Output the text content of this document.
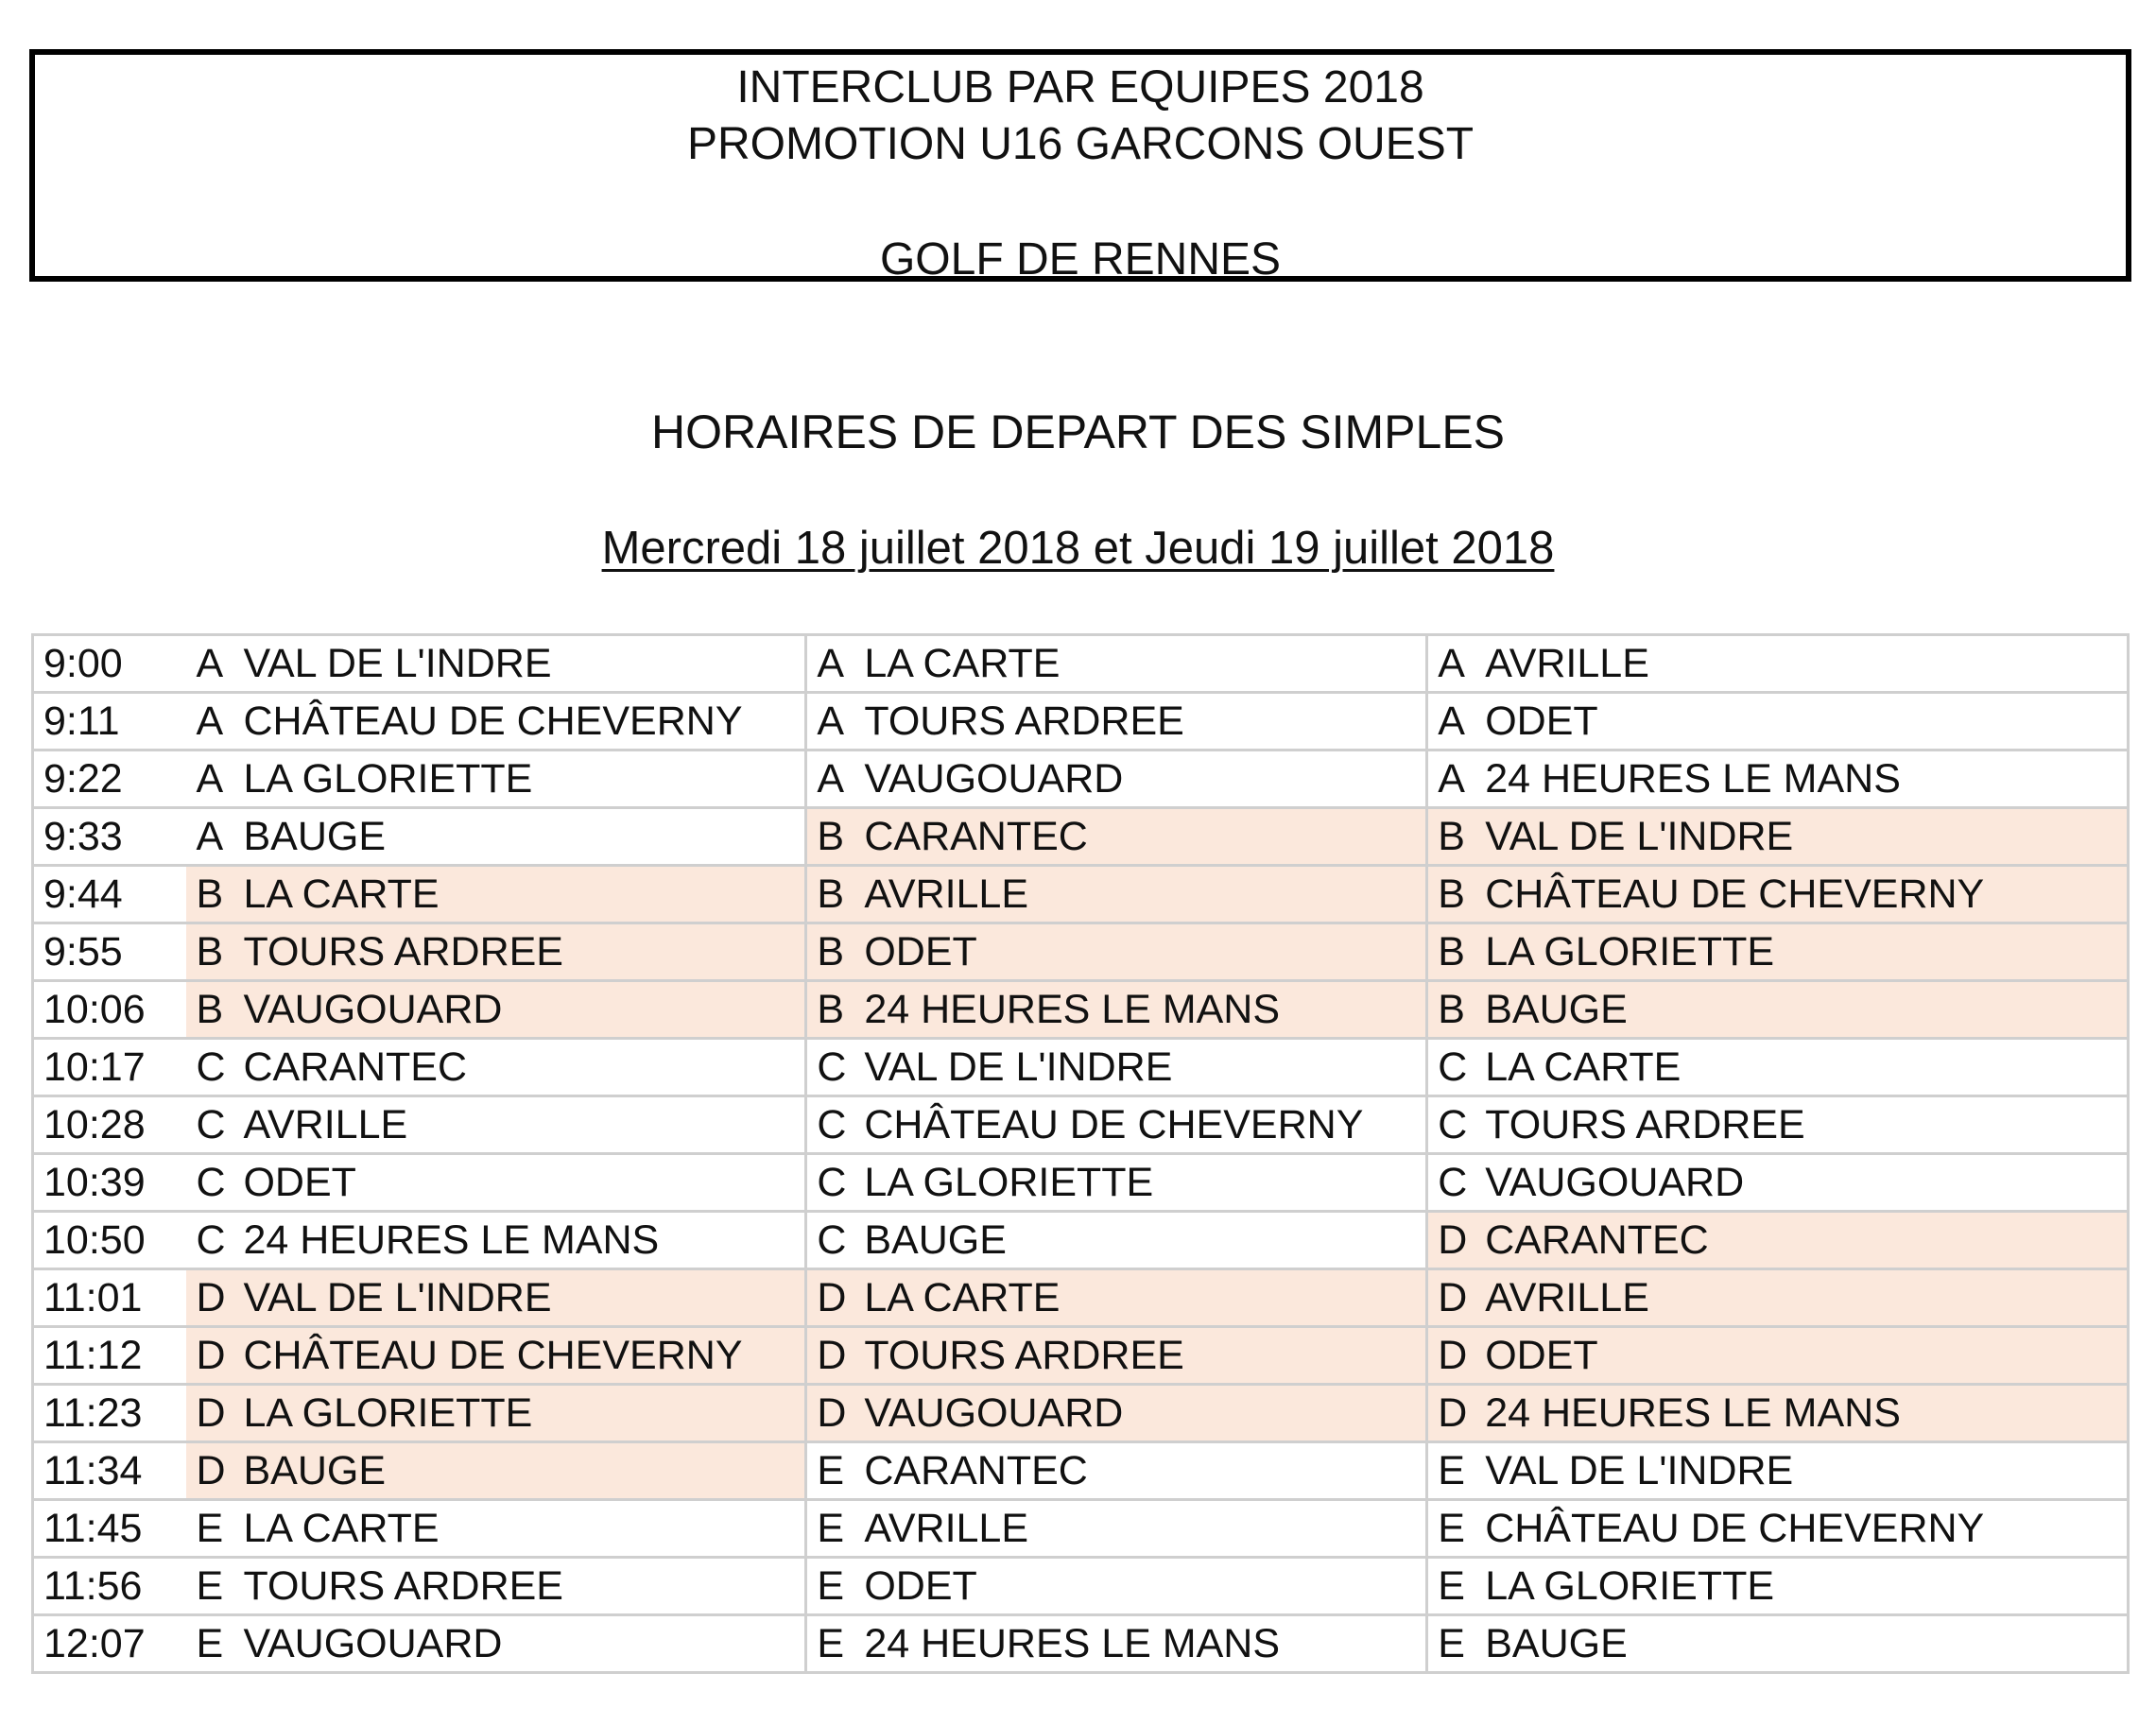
INTERCLUB PAR EQUIPES 2018
PROMOTION U16 GARCONS OUEST
GOLF DE RENNES
HORAIRES DE DEPART DES SIMPLES
Mercredi 18 juillet 2018 et Jeudi 19 juillet 2018
9:00	A VAL DE L'INDRE	A LA CARTE	A AVRILLE
9:11	A CHÂTEAU DE CHEVERNY	A TOURS ARDREE	A ODET
9:22	A LA GLORIETTE	A VAUGOUARD	A 24 HEURES LE MANS
9:33	A BAUGE	B CARANTEC	B VAL DE L'INDRE
9:44	B LA CARTE	B AVRILLE	B CHÂTEAU DE CHEVERNY
9:55	B TOURS ARDREE	B ODET	B LA GLORIETTE
10:06	B VAUGOUARD	B 24 HEURES LE MANS	B BAUGE
10:17	C CARANTEC	C VAL DE L'INDRE	C LA CARTE
10:28	C AVRILLE	C CHÂTEAU DE CHEVERNY	C TOURS ARDREE
10:39	C ODET	C LA GLORIETTE	C VAUGOUARD
10:50	C 24 HEURES LE MANS	C BAUGE	D CARANTEC
11:01	D VAL DE L'INDRE	D LA CARTE	D AVRILLE
11:12	D CHÂTEAU DE CHEVERNY	D TOURS ARDREE	D ODET
11:23	D LA GLORIETTE	D VAUGOUARD	D 24 HEURES LE MANS
11:34	D BAUGE	E CARANTEC	E VAL DE L'INDRE
11:45	E LA CARTE	E AVRILLE	E CHÂTEAU DE CHEVERNY
11:56	E TOURS ARDREE	E ODET	E LA GLORIETTE
12:07	E VAUGOUARD	E 24 HEURES LE MANS	E BAUGE
